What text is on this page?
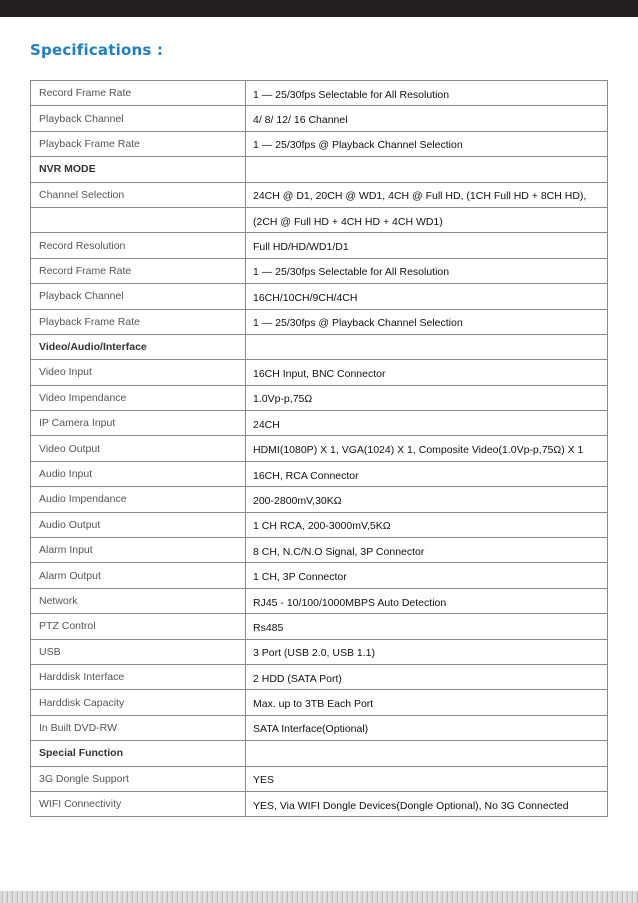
Specifications :
Record Frame Rate	1 — 25/30fps Selectable for All Resolution
Playback Channel	4/ 8/ 12/ 16 Channel
Playback Frame Rate	1 — 25/30fps @ Playback Channel Selection
NVR MODE	
Channel Selection	24CH @ D1, 20CH @ WD1, 4CH @ Full HD, (1CH Full HD + 8CH HD),
	(2CH @ Full HD + 4CH HD + 4CH WD1)
Record Resolution	Full HD/HD/WD1/D1
Record Frame Rate	1 — 25/30fps Selectable for All Resolution
Playback Channel	16CH/10CH/9CH/4CH
Playback Frame Rate	1 — 25/30fps @ Playback Channel Selection
Video/Audio/Interface	
Video Input	16CH Input, BNC Connector
Video Impendance	1.0Vp-p,75Ω
IP Camera Input	24CH
Video Output	HDMI(1080P) X 1, VGA(1024) X 1, Composite Video(1.0Vp-p,75Ω) X 1
Audio Input	16CH, RCA Connector
Audio Impendance	200-2800mV,30KΩ
Audio Output	1 CH RCA, 200-3000mV,5KΩ
Alarm Input	8 CH, N.C/N.O Signal, 3P Connector
Alarm Output	1 CH, 3P Connector
Network	RJ45 - 10/100/1000MBPS Auto Detection
PTZ Control	Rs485
USB	3 Port (USB 2.0, USB 1.1)
Harddisk Interface	2 HDD (SATA Port)
Harddisk Capacity	Max. up to 3TB Each Port
In Built DVD-RW	SATA Interface(Optional)
Special Function	
3G Dongle Support	YES
WIFI Connectivity	YES, Via WIFI Dongle Devices(Dongle Optional), No 3G Connected
